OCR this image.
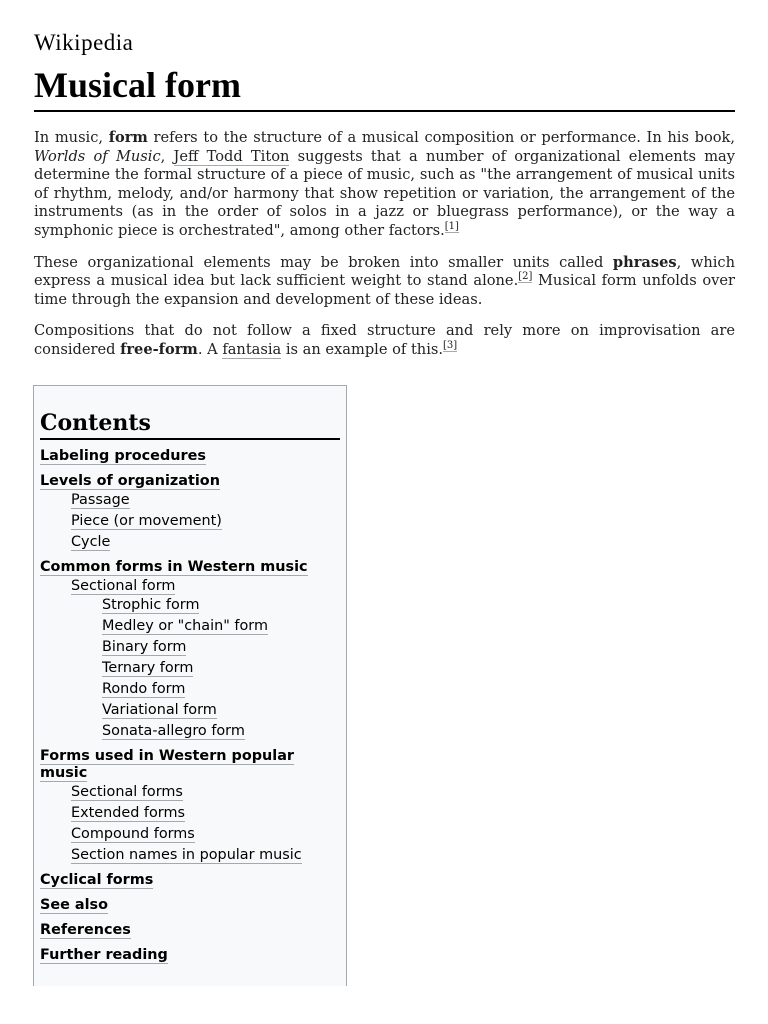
Wikipedia
Musical form

In music, form refers to the structure of a musical composition or performance. In his book, Worlds of Music, Jeff Todd Titon suggests that a number of organizational elements may determine the formal structure of a piece of music, such as "the arrangement of musical units of rhythm, melody, and/or harmony that show repetition or variation, the arrangement of the instruments (as in the order of solos in a jazz or bluegrass performance), or the way a symphonic piece is orchestrated", among other factors.[1]

These organizational elements may be broken into smaller units called phrases, which express a musical idea but lack sufficient weight to stand alone.[2] Musical form unfolds over time through the expansion and development of these ideas.

Compositions that do not follow a fixed structure and rely more on improvisation are considered free-form. A fantasia is an example of this.[3]

Contents
Labeling procedures
Levels of organization
Passage
Piece (or movement)
Cycle
Common forms in Western music
Sectional form
Strophic form
Medley or "chain" form
Binary form
Ternary form
Rondo form
Variational form
Sonata-allegro form
Forms used in Western popular music
Sectional forms
Extended forms
Compound forms
Section names in popular music
Cyclical forms
See also
References
Further reading
